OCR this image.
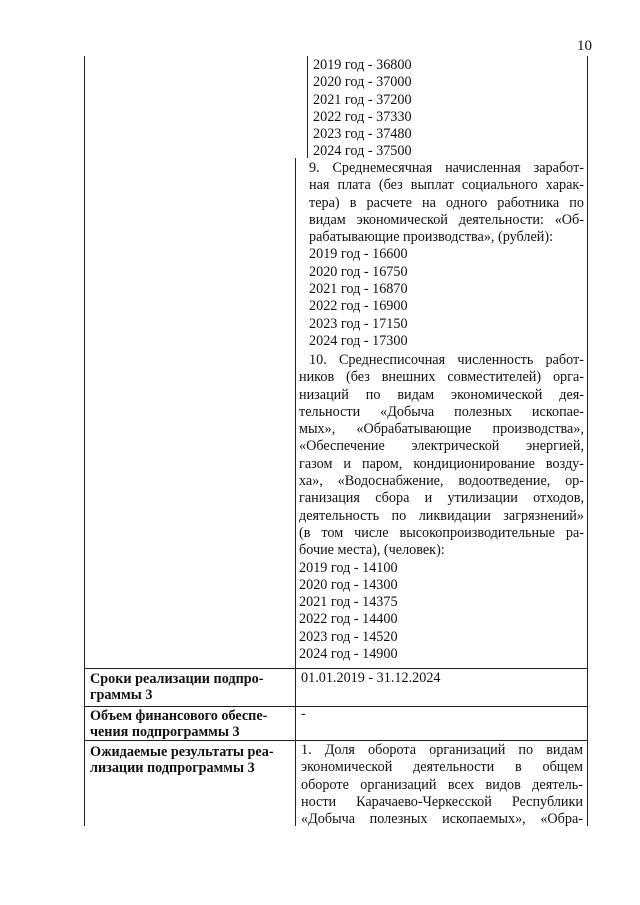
10
2019 год - 36800
2020 год - 37000
2021 год - 37200
2022 год - 37330
2023 год - 37480
2024 год - 37500
9. Среднемесячная начисленная заработ-
ная плата (без выплат социального харак-
тера) в расчете на одного работника по
видам экономической деятельности: «Об-
рабатывающие производства», (рублей):
2019 год - 16600
2020 год - 16750
2021 год - 16870
2022 год - 16900
2023 год - 17150
2024 год - 17300
10. Среднесписочная численность работ-
ников (без внешних совместителей) орга-
низаций по видам экономической дея-
тельности «Добыча полезных ископае-
мых», «Обрабатывающие производства»,
«Обеспечение электрической энергией,
газом и паром, кондиционирование возду-
ха», «Водоснабжение, водоотведение, ор-
ганизация сбора и утилизации отходов,
деятельность по ликвидации загрязнений»
(в том числе высокопроизводительные ра-
бочие места), (человек):
2019 год - 14100
2020 год - 14300
2021 год - 14375
2022 год - 14400
2023 год - 14520
2024 год - 14900
Сроки реализации подпро-
граммы 3
01.01.2019 - 31.12.2024
Объем финансового обеспе-
чения подпрограммы 3
-
Ожидаемые результаты реа-
лизации подпрограммы 3
1. Доля оборота организаций по видам
экономической деятельности в общем
обороте организаций всех видов деятель-
ности Карачаево-Черкесской Республики
«Добыча полезных ископаемых», «Обра-
